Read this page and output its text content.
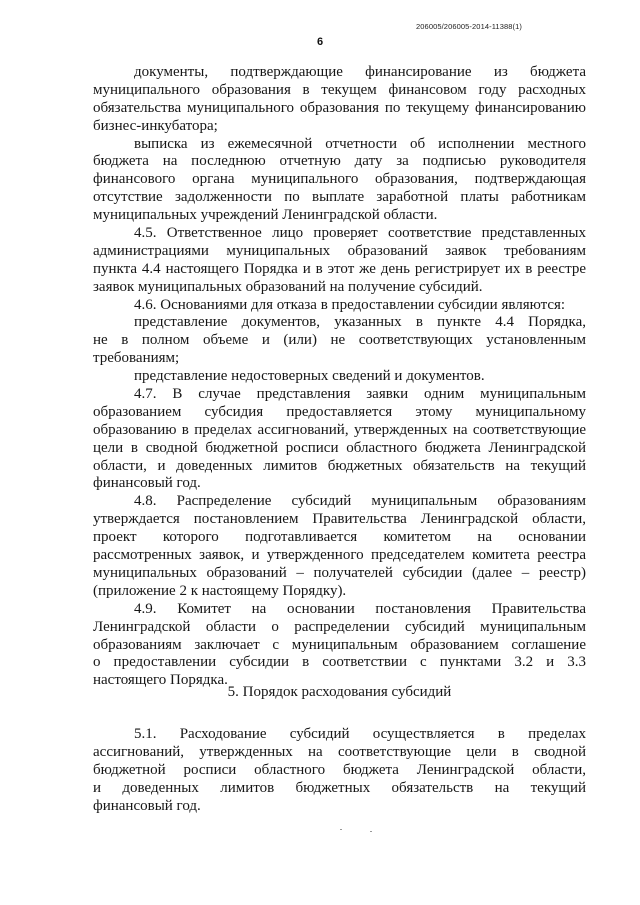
206005/206005-2014-11388(1)
6
документы, подтверждающие финансирование из бюджета
муниципального образования в текущем финансовом году расходных
обязательства муниципального образования по текущему финансированию
бизнес-инкубатора;
выписка из ежемесячной отчетности об исполнении местного
бюджета на последнюю отчетную дату за подписью руководителя
финансового органа муниципального образования, подтверждающая
отсутствие задолженности по выплате заработной платы работникам
муниципальных учреждений Ленинградской области.
4.5. Ответственное лицо проверяет соответствие представленных
администрациями муниципальных образований заявок требованиям
пункта 4.4 настоящего Порядка и в этот же день регистрирует их в реестре
заявок муниципальных образований на получение субсидий.
4.6. Основаниями для отказа в предоставлении субсидии являются:
представление документов, указанных в пункте 4.4 Порядка,
не в полном объеме и (или) не соответствующих установленным
требованиям;
представление недостоверных сведений и документов.
4.7. В случае представления заявки одним муниципальным
образованием субсидия предоставляется этому муниципальному
образованию в пределах ассигнований, утвержденных на соответствующие
цели в сводной бюджетной росписи областного бюджета Ленинградской
области, и доведенных лимитов бюджетных обязательств на текущий
финансовый год.
4.8. Распределение субсидий муниципальным образованиям
утверждается постановлением Правительства Ленинградской области,
проект которого подготавливается комитетом на основании
рассмотренных заявок, и утвержденного председателем комитета реестра
муниципальных образований – получателей субсидии (далее – реестр)
(приложение 2 к настоящему Порядку).
4.9. Комитет на основании постановления Правительства
Ленинградской области о распределении субсидий муниципальным
образованиям заключает с муниципальным образованием соглашение
о предоставлении субсидии в соответствии с пунктами 3.2 и 3.3
настоящего Порядка.
5. Порядок расходования субсидий
5.1. Расходование субсидий осуществляется в пределах
ассигнований, утвержденных на соответствующие цели в сводной
бюджетной росписи областного бюджета Ленинградской области,
и доведенных лимитов бюджетных обязательств на текущий
финансовый год.
